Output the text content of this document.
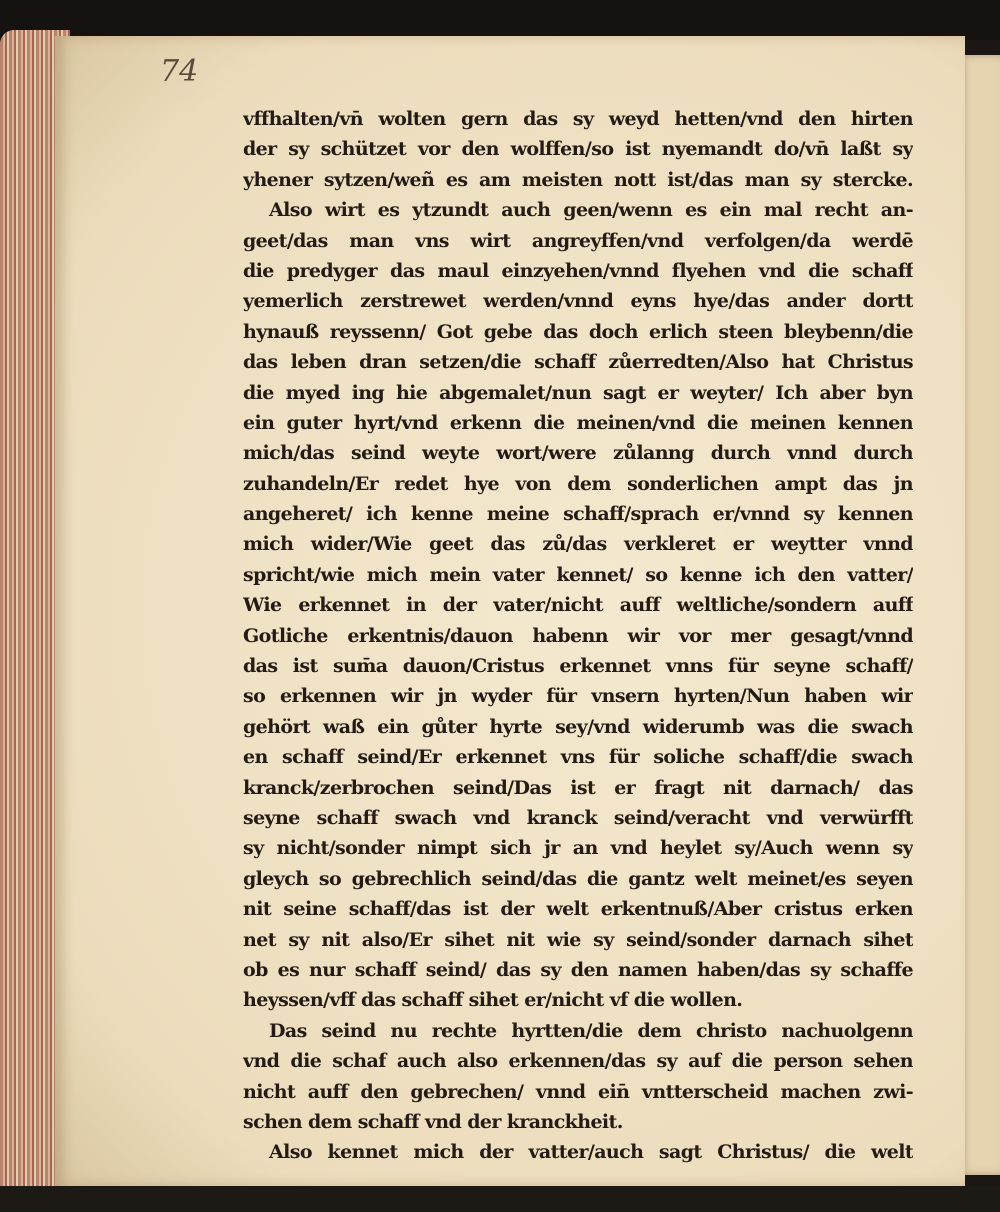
74
vffhalten/vn̄ wolten gern das sy weyd hetten/vnd den hirten
der sy schützet vor den wolffen/so ist nyemandt do/vn̄ laßt sy
yhener sytzen/weñ es am meisten nott ist/das man sy stercke.
Also wirt es ytzundt auch geen/wenn es ein mal recht an-
geet/das man vns wirt angreyffen/vnd verfolgen/da werdē
die predyger das maul einzyehen/vnnd flyehen vnd die schaff
yemerlich zerstrewet werden/vnnd eyns hye/das ander dortt
hynauß reyssenn/ Got gebe das doch erlich steen bleybenn/die
das leben dran setzen/die schaff zůerredten/Also hat Christus
die myed ing hie abgemalet/nun sagt er weyter/ Ich aber byn
ein guter hyrt/vnd erkenn die meinen/vnd die meinen kennen
mich/das seind weyte wort/were zůlanng durch vnnd durch
zuhandeln/Er redet hye von dem sonderlichen ampt das jn
angeheret/ ich kenne meine schaff/sprach er/vnnd sy kennen
mich wider/Wie geet das zů/das verkleret er weytter vnnd
spricht/wie mich mein vater kennet/ so kenne ich den vatter/
Wie erkennet in der vater/nicht auff weltliche/sondern auff
Gotliche erkentnis/dauon habenn wir vor mer gesagt/vnnd
das ist sum̄a dauon/Cristus erkennet vnns für seyne schaff/
so erkennen wir jn wyder für vnsern hyrten/Nun haben wir
gehört waß ein gůter hyrte sey/vnd widerumb was die swach
en schaff seind/Er erkennet vns für soliche schaff/die swach
kranck/zerbrochen seind/Das ist er fragt nit darnach/ das
seyne schaff swach vnd kranck seind/veracht vnd verwürfft
sy nicht/sonder nimpt sich jr an vnd heylet sy/Auch wenn sy
gleych so gebrechlich seind/das die gantz welt meinet/es seyen
nit seine schaff/das ist der welt erkentnuß/Aber cristus erken
net sy nit also/Er sihet nit wie sy seind/sonder darnach sihet
ob es nur schaff seind/ das sy den namen haben/das sy schaffe
heyssen/vff das schaff sihet er/nicht vf die wollen.
Das seind nu rechte hyrtten/die dem christo nachuolgenn
vnd die schaf auch also erkennen/das sy auf die person sehen
nicht auff den gebrechen/ vnnd ein̄ vntterscheid machen zwi-
schen dem schaff vnd der kranckheit.
Also kennet mich der vatter/auch sagt Christus/ die welt
